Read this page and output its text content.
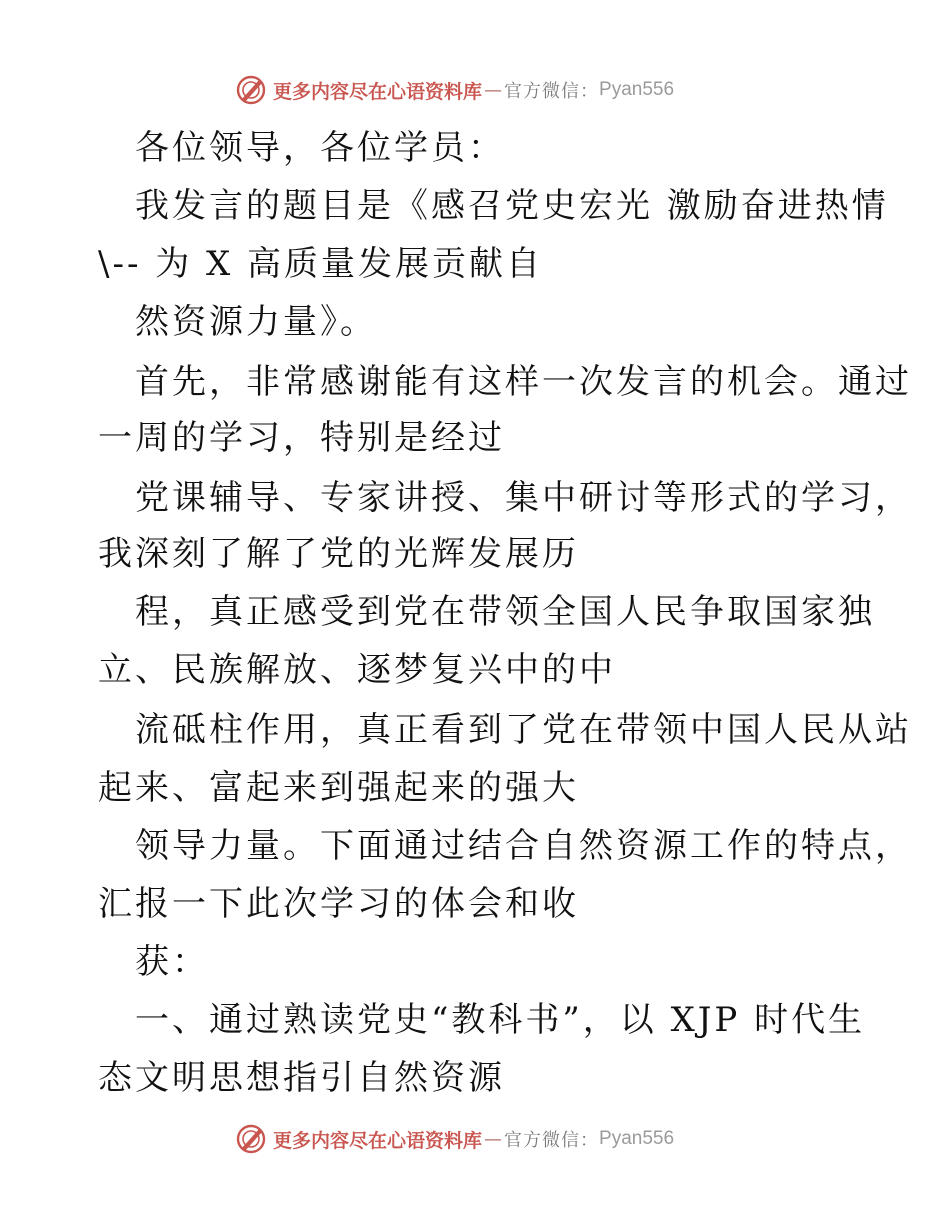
更多内容尽在心语资料库 — 官方微信： Pyan556
各位领导，各位学员：
我发言的题目是《感召党史宏光 激励奋进热情
\-- 为 X 高质量发展贡献自
然资源力量》。
首先，非常感谢能有这样一次发言的机会。通过
一周的学习，特别是经过
党课辅导、专家讲授、集中研讨等形式的学习，
我深刻了解了党的光辉发展历
程，真正感受到党在带领全国人民争取国家独
立、民族解放、逐梦复兴中的中
流砥柱作用，真正看到了党在带领中国人民从站
起来、富起来到强起来的强大
领导力量。下面通过结合自然资源工作的特点，
汇报一下此次学习的体会和收
获：
一、通过熟读党史“教科书”，以 XJP 时代生
态文明思想指引自然资源
更多内容尽在心语资料库 — 官方微信： Pyan556
